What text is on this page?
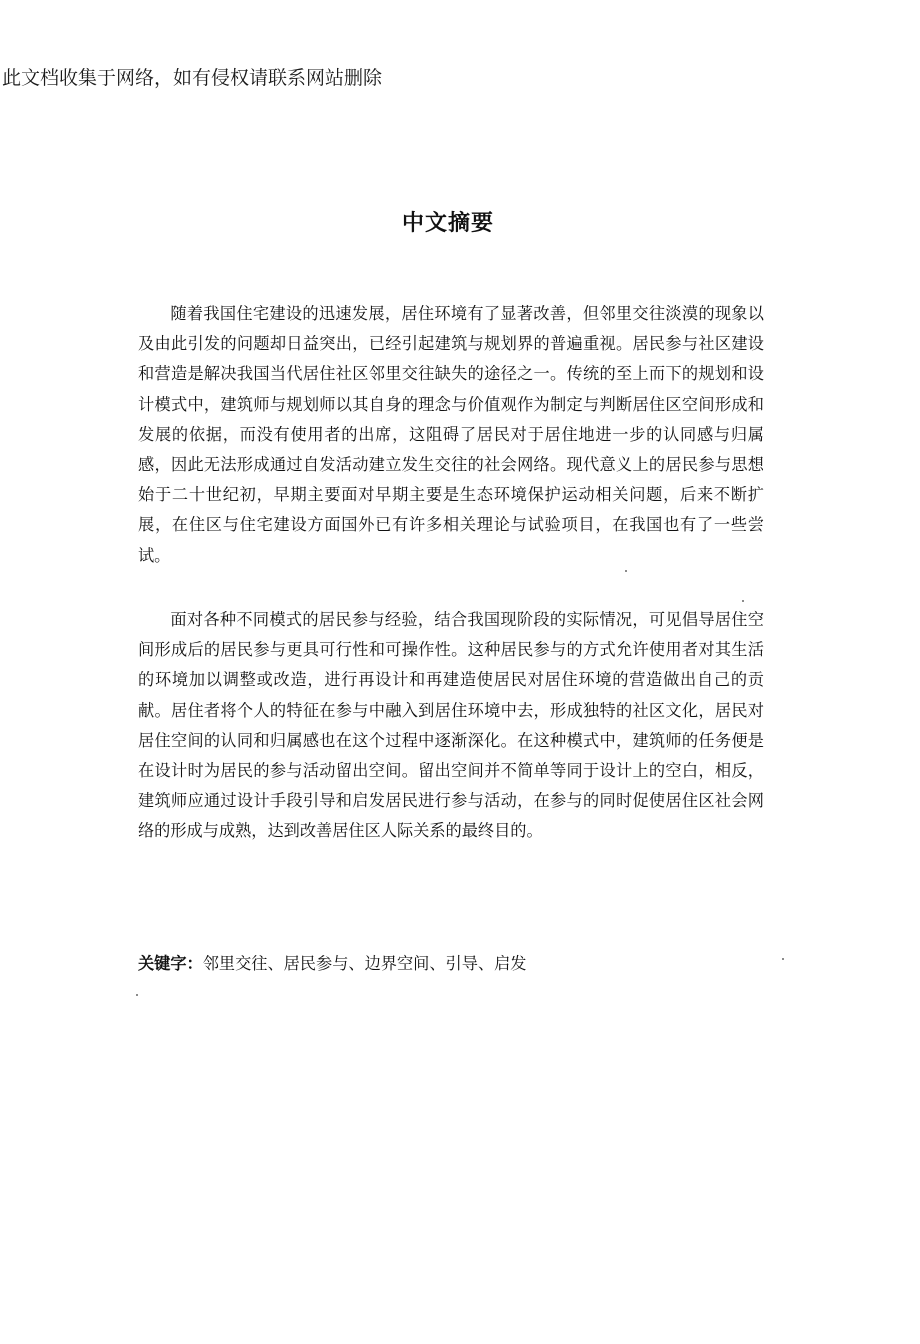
此文档收集于网络，如有侵权请联系网站删除
中文摘要

随着我国住宅建设的迅速发展，居住环境有了显著改善，但邻里交往淡漠的现象以及由此引发的问题却日益突出，已经引起建筑与规划界的普遍重视。居民参与社区建设和营造是解决我国当代居住社区邻里交往缺失的途径之一。传统的至上而下的规划和设计模式中，建筑师与规划师以其自身的理念与价值观作为制定与判断居住区空间形成和发展的依据，而没有使用者的出席，这阻碍了居民对于居住地进一步的认同感与归属感，因此无法形成通过自发活动建立发生交往的社会网络。现代意义上的居民参与思想始于二十世纪初，早期主要面对早期主要是生态环境保护运动相关问题，后来不断扩展，在住区与住宅建设方面国外已有许多相关理论与试验项目，在我国也有了一些尝试。

面对各种不同模式的居民参与经验，结合我国现阶段的实际情况，可见倡导居住空间形成后的居民参与更具可行性和可操作性。这种居民参与的方式允许使用者对其生活的环境加以调整或改造，进行再设计和再建造使居民对居住环境的营造做出自己的贡献。居住者将个人的特征在参与中融入到居住环境中去，形成独特的社区文化，居民对居住空间的认同和归属感也在这个过程中逐渐深化。在这种模式中，建筑师的任务便是在设计时为居民的参与活动留出空间。留出空间并不简单等同于设计上的空白，相反，建筑师应通过设计手段引导和启发居民进行参与活动，在参与的同时促使居住区社会网络的形成与成熟，达到改善居住区人际关系的最终目的。

关键字：邻里交往、居民参与、边界空间、引导、启发
